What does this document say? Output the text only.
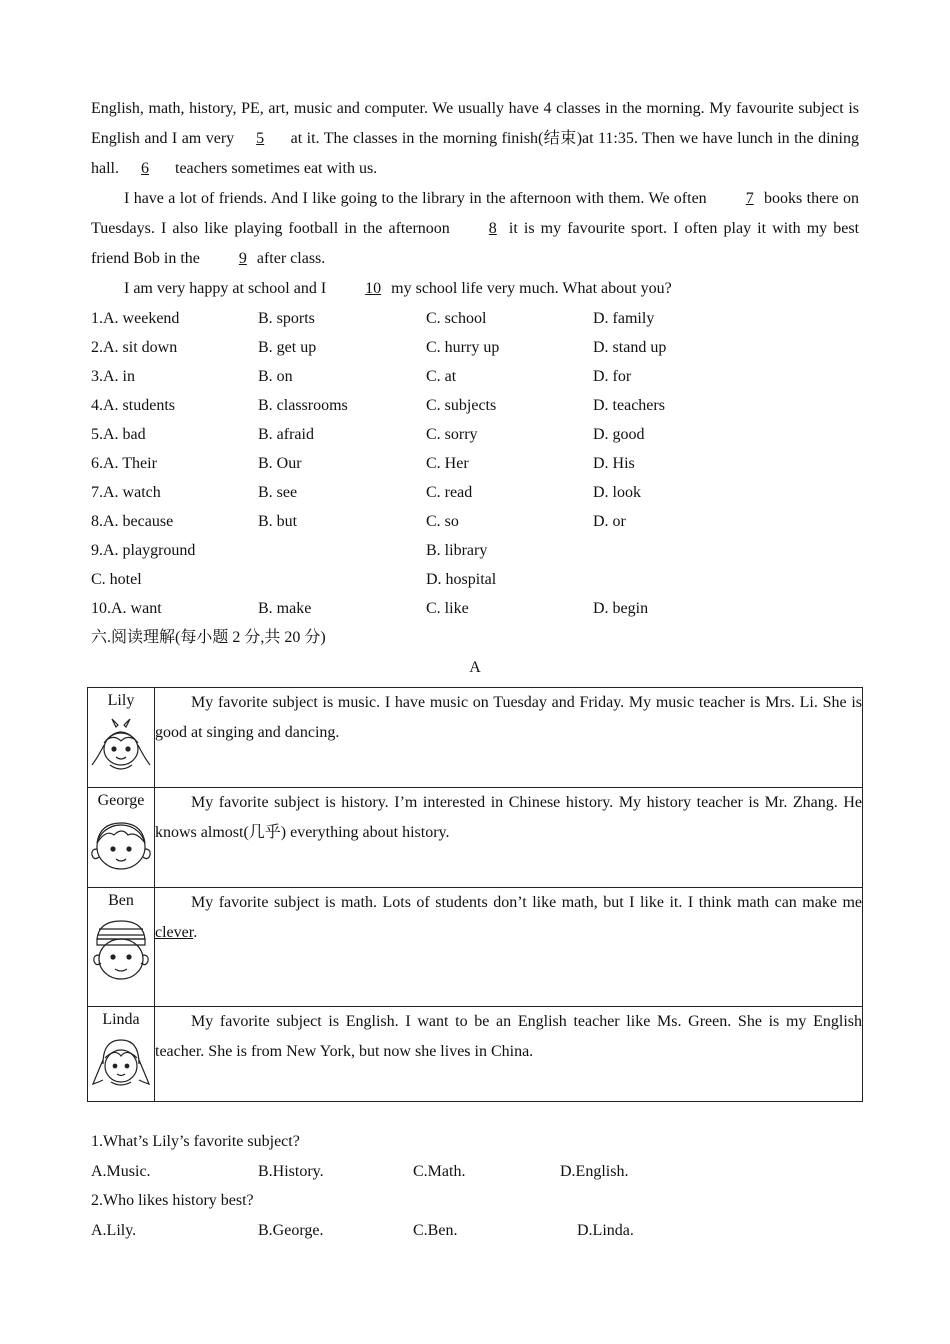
English, math, history, PE, art, music and computer. We usually have 4 classes in the morning. My favourite subject is English and I am very 5 at it. The classes in the morning finish(结束)at 11:35. Then we have lunch in the dining hall. 6 teachers sometimes eat with us.
I have a lot of friends. And I like going to the library in the afternoon with them. We often 7 books there on Tuesdays. I also like playing football in the afternoon 8 it is my favourite sport. I often play it with my best friend Bob in the 9 after class.
I am very happy at school and I 10 my school life very much. What about you?
1.A. weekend	B. sports	C. school	D. family
2.A. sit down	B. get up	C. hurry up	D. stand up
3.A. in	B. on	C. at	D. for
4.A. students	B. classrooms	C. subjects	D. teachers
5.A. bad	B. afraid	C. sorry	D. good
6.A. Their	B. Our	C. Her	D. His
7.A. watch	B. see	C. read	D. look
8.A. because	B. but	C. so	D. or
9.A. playground	B. library
C. hotel	D. hospital
10.A. want	B. make	C. like	D. begin
六.阅读理解(每小题 2 分,共 20 分)
A
Lily	My favorite subject is music. I have music on Tuesday and Friday. My music teacher is Mrs. Li. She is good at singing and dancing.

George	My favorite subject is history. I’m interested in Chinese history. My history teacher is Mr. Zhang. He knows almost(几乎) everything about history.

Ben	My favorite subject is math. Lots of students don’t like math, but I like it. I think math can make me clever.

Linda	My favorite subject is English. I want to be an English teacher like Ms. Green. She is my English teacher. She is from New York, but now she lives in China.
1.What’s Lily’s favorite subject?
A.Music.	B.History.	C.Math.	D.English.
2.Who likes history best?
A.Lily.	B.George.	C.Ben.	D.Linda.
